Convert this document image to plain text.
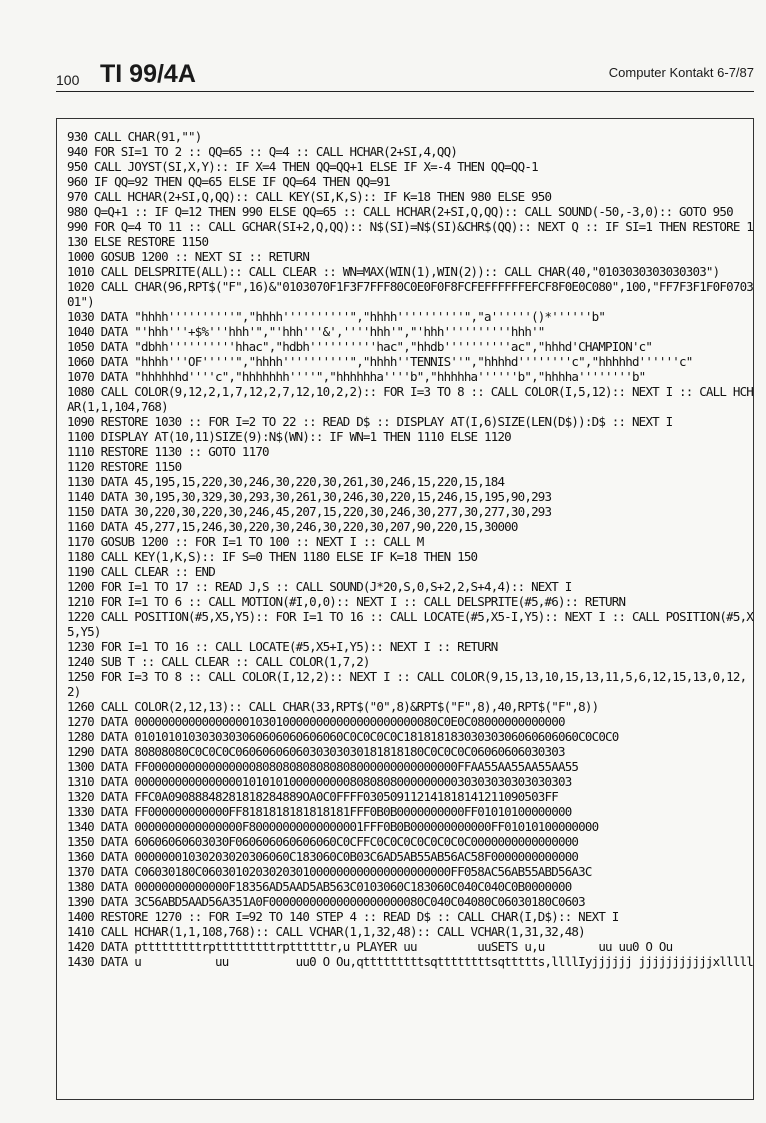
100 TI 99/4A	Computer Kontakt 6-7/87
930 CALL CHAR(91,"")
940 FOR SI=1 TO 2 :: QQ=65 :: Q=4 :: CALL HCHAR(2+SI,4,QQ)
950 CALL JOYST(SI,X,Y):: IF X=4 THEN QQ=QQ+1 ELSE IF X=-4 THEN QQ=QQ-1
960 IF QQ=92 THEN QQ=65 ELSE IF QQ=64 THEN QQ=91
970 CALL HCHAR(2+SI,Q,QQ):: CALL KEY(SI,K,S):: IF K=18 THEN 980 ELSE 950
980 Q=Q+1 :: IF Q=12 THEN 990 ELSE QQ=65 :: CALL HCHAR(2+SI,Q,QQ):: CALL SOUND(-50,-3,0):: GOTO 950
990 FOR Q=4 TO 11 :: CALL GCHAR(SI+2,Q,QQ):: N$(SI)=N$(SI)&CHR$(QQ):: NEXT Q :: IF SI=1 THEN RESTORE 1130 ELSE RESTORE 1150
1000 GOSUB 1200 :: NEXT SI :: RETURN
1010 CALL DELSPRITE(ALL):: CALL CLEAR :: WN=MAX(WIN(1),WIN(2)):: CALL CHAR(40,"0103030303030303")
1020 CALL CHAR(96,RPT$("F",16)&"0103070F1F3F7FFF80C0E0F0F8FCFEFFFFFFEFCF8F0E0C080",100,"FF7F3F1F0F070301")
1030 DATA "hhhh''''''''''","hhhh''''''''''","hhhh''''''''''","a''''''()*''''''b"
1040 DATA "'hhh'''+$%'''hhh'","'hhh'''&',''''hhh'","'hhh''''''''''hhh'"
1050 DATA "dbhh''''''''''hhac","hdbh''''''''''hac","hhdb''''''''''ac","hhhd'CHAMPION'c"
1060 DATA "hhhh'''OF'''''","hhhh''''''''''","hhhh''TENNIS''","hhhhd''''''''c","hhhhhd''''''c"
1070 DATA "hhhhhhd''''c","hhhhhhh''''","hhhhhha''''b","hhhhha''''''b","hhhha''''''''b"
1080 CALL COLOR(9,12,2,1,7,12,2,7,12,10,2,2):: FOR I=3 TO 8 :: CALL COLOR(I,5,12):: NEXT I :: CALL HCHAR(1,1,104,768)
1090 RESTORE 1030 :: FOR I=2 TO 22 :: READ D$ :: DISPLAY AT(I,6)SIZE(LEN(D$)):D$ :: NEXT I
1100 DISPLAY AT(10,11)SIZE(9):N$(WN):: IF WN=1 THEN 1110 ELSE 1120
1110 RESTORE 1130 :: GOTO 1170
1120 RESTORE 1150
1130 DATA 45,195,15,220,30,246,30,220,30,261,30,246,15,220,15,184
1140 DATA 30,195,30,329,30,293,30,261,30,246,30,220,15,246,15,195,90,293
1150 DATA 30,220,30,220,30,246,45,207,15,220,30,246,30,277,30,277,30,293
1160 DATA 45,277,15,246,30,220,30,246,30,220,30,207,90,220,15,30000
1170 GOSUB 1200 :: FOR I=1 TO 100 :: NEXT I :: CALL M
1180 CALL KEY(1,K,S):: IF S=0 THEN 1180 ELSE IF K=18 THEN 150
1190 CALL CLEAR :: END
1200 FOR I=1 TO 17 :: READ J,S :: CALL SOUND(J*20,S,0,S+2,2,S+4,4):: NEXT I
1210 FOR I=1 TO 6 :: CALL MOTION(#I,0,0):: NEXT I :: CALL DELSPRITE(#5,#6):: RETURN
1220 CALL POSITION(#5,X5,Y5):: FOR I=1 TO 16 :: CALL LOCATE(#5,X5-I,Y5):: NEXT I :: CALL POSITION(#5,X5,Y5)
1230 FOR I=1 TO 16 :: CALL LOCATE(#5,X5+I,Y5):: NEXT I :: RETURN
1240 SUB T :: CALL CLEAR :: CALL COLOR(1,7,2)
1250 FOR I=3 TO 8 :: CALL COLOR(I,12,2):: NEXT I :: CALL COLOR(9,15,13,10,15,13,11,5,6,12,15,13,0,12,2)
1260 CALL COLOR(2,12,13):: CALL CHAR(33,RPT$("0",8)&RPT$("F",8),40,RPT$("F",8))
1270 DATA 000000000000000001030100000000000000000000080C0E0C08000000000000
1280 DATA 0101010103030303060606060606060C0C0C0C0C18181818303030306060606060C0C0C0
1290 DATA 80808080C0C0C0C0606060606030303030181818180C0C0C0C06060606030303
1300 DATA FF0000000000000000808080808080808000000000000000FFAA55AA55AA55AA55
1310 DATA 00000000000000001010101000000000808080800000000030303030303030303
1320 DATA FFC0A09088848281818284889OA0C0FFFF030509112141818141211090503FF
1330 DATA FF000000000000FF8181818181818181FFF0B0B0000000000FF01010100000000
1340 DATA 0000000000000000F80000000000000001FFF0B0B000000000000FF01010100000000
1350 DATA 60606060603030F060606060606060C0CFFC0C0C0C0C0C0C0C0000000000000000
1360 DATA 00000001030203020306060C183060C0B03C6AD5AB55AB56AC58F0000000000000
1370 DATA C06030180C0603010203020301000000000000000000000FF058AC56AB55ABD56A3C
1380 DATA 00000000000000F18356AD5AAD5AB563C0103060C183060C040C040C0B0000000
1390 DATA 3C56ABD5AAD56A351A0F00000000000000000000080C040C04080C06030180C0603
1400 RESTORE 1270 :: FOR I=92 TO 140 STEP 4 :: READ D$ :: CALL CHAR(I,D$):: NEXT I
1410 CALL HCHAR(1,1,108,768):: CALL VCHAR(1,1,32,48):: CALL VCHAR(1,31,32,48)
1420 DATA ptttttttttrptttttttttrpttttttr,u PLAYER uu         uuSETS u,u        uu uu0 O Ou
1430 DATA u           uu          uu0 O Ou,qtttttttttsqttttttttsqttttts,llllIyjjjjjj jjjjjjjjjjjxlllll
